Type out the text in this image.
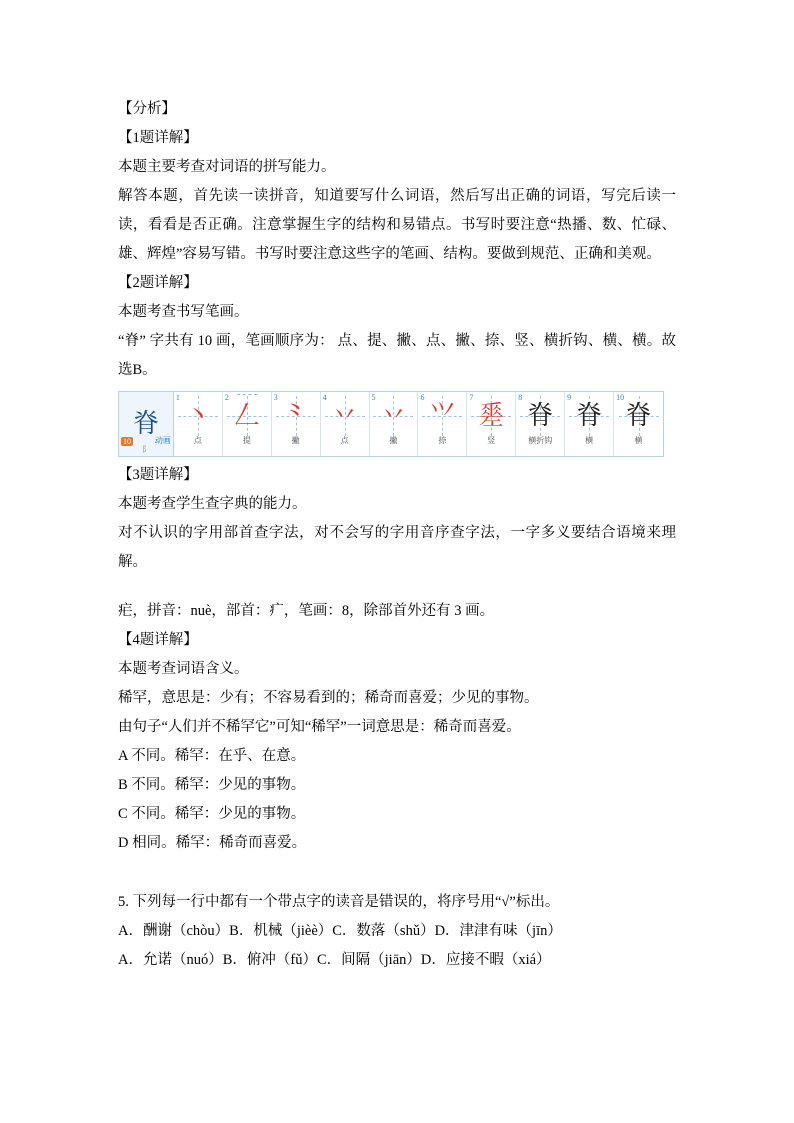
【分析】
【1题详解】
本题主要考查对词语的拼写能力。
解答本题，首先读一读拼音，知道要写什么词语，然后写出正确的词语，写完后读一读，看看是否正确。注意掌握生字的结构和易错点。书写时要注意“热播、数、忙碌、雄、辉煌”容易写错。书写时要注意这些字的笔画、结构。要做到规范、正确和美观。
【2题详解】
本题考查书写笔画。
“脊” 字共有 10 画，笔画顺序为： 点、提、撇、点、撇、捺、竖、横折钩、横、横。故选B。
脊
10	动画
阝
1
丶
点
2
𠃋
提
3
⺀
撇
4
丷
点
5
丷
撇
6
⺍
捺
7
𢀩
竖
8
脊
横折钩
9
脊
横
10
脊
横
【3题详解】
本题考查学生查字典的能力。
对不认识的字用部首查字法，对不会写的字用音序查字法，一字多义要结合语境来理解。
疟，拼音：nuè，部首：疒，笔画：8，除部首外还有 3 画。
【4题详解】
本题考查词语含义。
稀罕，意思是：少有；不容易看到的；稀奇而喜爱；少见的事物。
由句子“人们并不稀罕它”可知“稀罕”一词意思是：稀奇而喜爱。
A 不同。稀罕：在乎、在意。
B 不同。稀罕：少见的事物。
C 不同。稀罕：少见的事物。
D 相同。稀罕：稀奇而喜爱。
5. 下列每一行中都有一个带点字的读音是错误的，将序号用“√”标出。
A．酬谢（chòu）B．机械（jièè）C．数落（shǔ）D．津津有味（jīn）
A．允诺（nuó）B．俯冲（fǔ）C．间隔（jiān）D．应接不暇（xiá）
